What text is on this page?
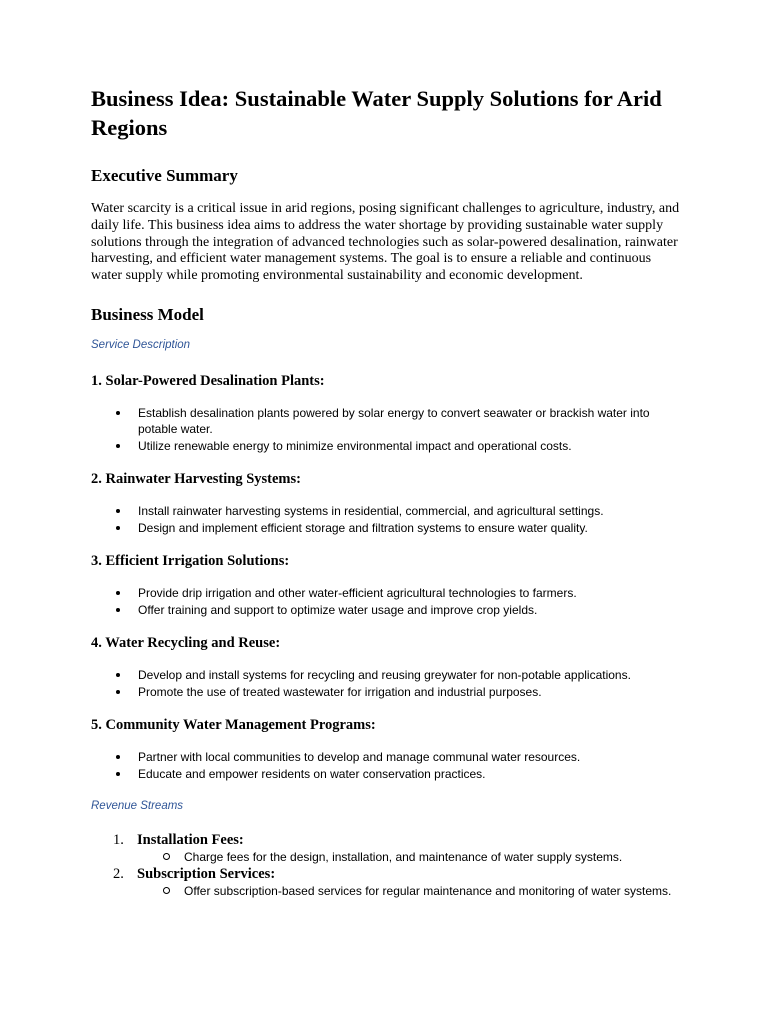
Business Idea: Sustainable Water Supply Solutions for Arid Regions
Executive Summary

Water scarcity is a critical issue in arid regions, posing significant challenges to agriculture, industry, and daily life. This business idea aims to address the water shortage by providing sustainable water supply solutions through the integration of advanced technologies such as solar-powered desalination, rainwater harvesting, and efficient water management systems. The goal is to ensure a reliable and continuous water supply while promoting environmental sustainability and economic development.

Business Model
Service Description
1. Solar-Powered Desalination Plants:
Establish desalination plants powered by solar energy to convert seawater or brackish water into potable water.
Utilize renewable energy to minimize environmental impact and operational costs.
2. Rainwater Harvesting Systems:
Install rainwater harvesting systems in residential, commercial, and agricultural settings.
Design and implement efficient storage and filtration systems to ensure water quality.
3. Efficient Irrigation Solutions:
Provide drip irrigation and other water-efficient agricultural technologies to farmers.
Offer training and support to optimize water usage and improve crop yields.
4. Water Recycling and Reuse:
Develop and install systems for recycling and reusing greywater for non-potable applications.
Promote the use of treated wastewater for irrigation and industrial purposes.
5. Community Water Management Programs:
Partner with local communities to develop and manage communal water resources.
Educate and empower residents on water conservation practices.
Revenue Streams
1. Installation Fees:
Charge fees for the design, installation, and maintenance of water supply systems.
2. Subscription Services:
Offer subscription-based services for regular maintenance and monitoring of water systems.
